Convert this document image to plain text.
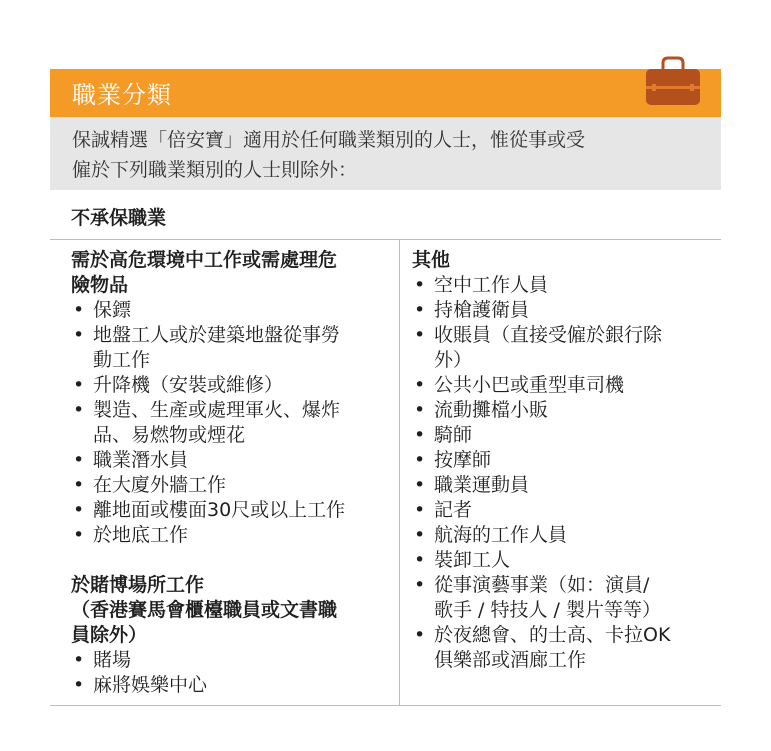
職業分類
保誠精選「倍安寶」適用於任何職業類別的人士，惟從事或受
僱於下列職業類別的人士則除外：
不承保職業
需於高危環境中工作或需處理危
險物品
• 保鏢
• 地盤工人或於建築地盤從事勞
動工作
• 升降機（安裝或維修）
• 製造、生產或處理軍火、爆炸
品、易燃物或煙花
• 職業潛水員
• 在大廈外牆工作
• 離地面或樓面30尺或以上工作
• 於地底工作
於賭博場所工作
（香港賽馬會櫃檯職員或文書職
員除外）
• 賭場
• 麻將娛樂中心
其他
• 空中工作人員
• 持槍護衛員
• 收賬員（直接受僱於銀行除
外）
• 公共小巴或重型車司機
• 流動攤檔小販
• 騎師
• 按摩師
• 職業運動員
• 記者
• 航海的工作人員
• 裝卸工人
• 從事演藝事業（如：演員/
歌手 / 特技人 / 製片等等）
• 於夜總會、的士高、卡拉OK
俱樂部或酒廊工作
